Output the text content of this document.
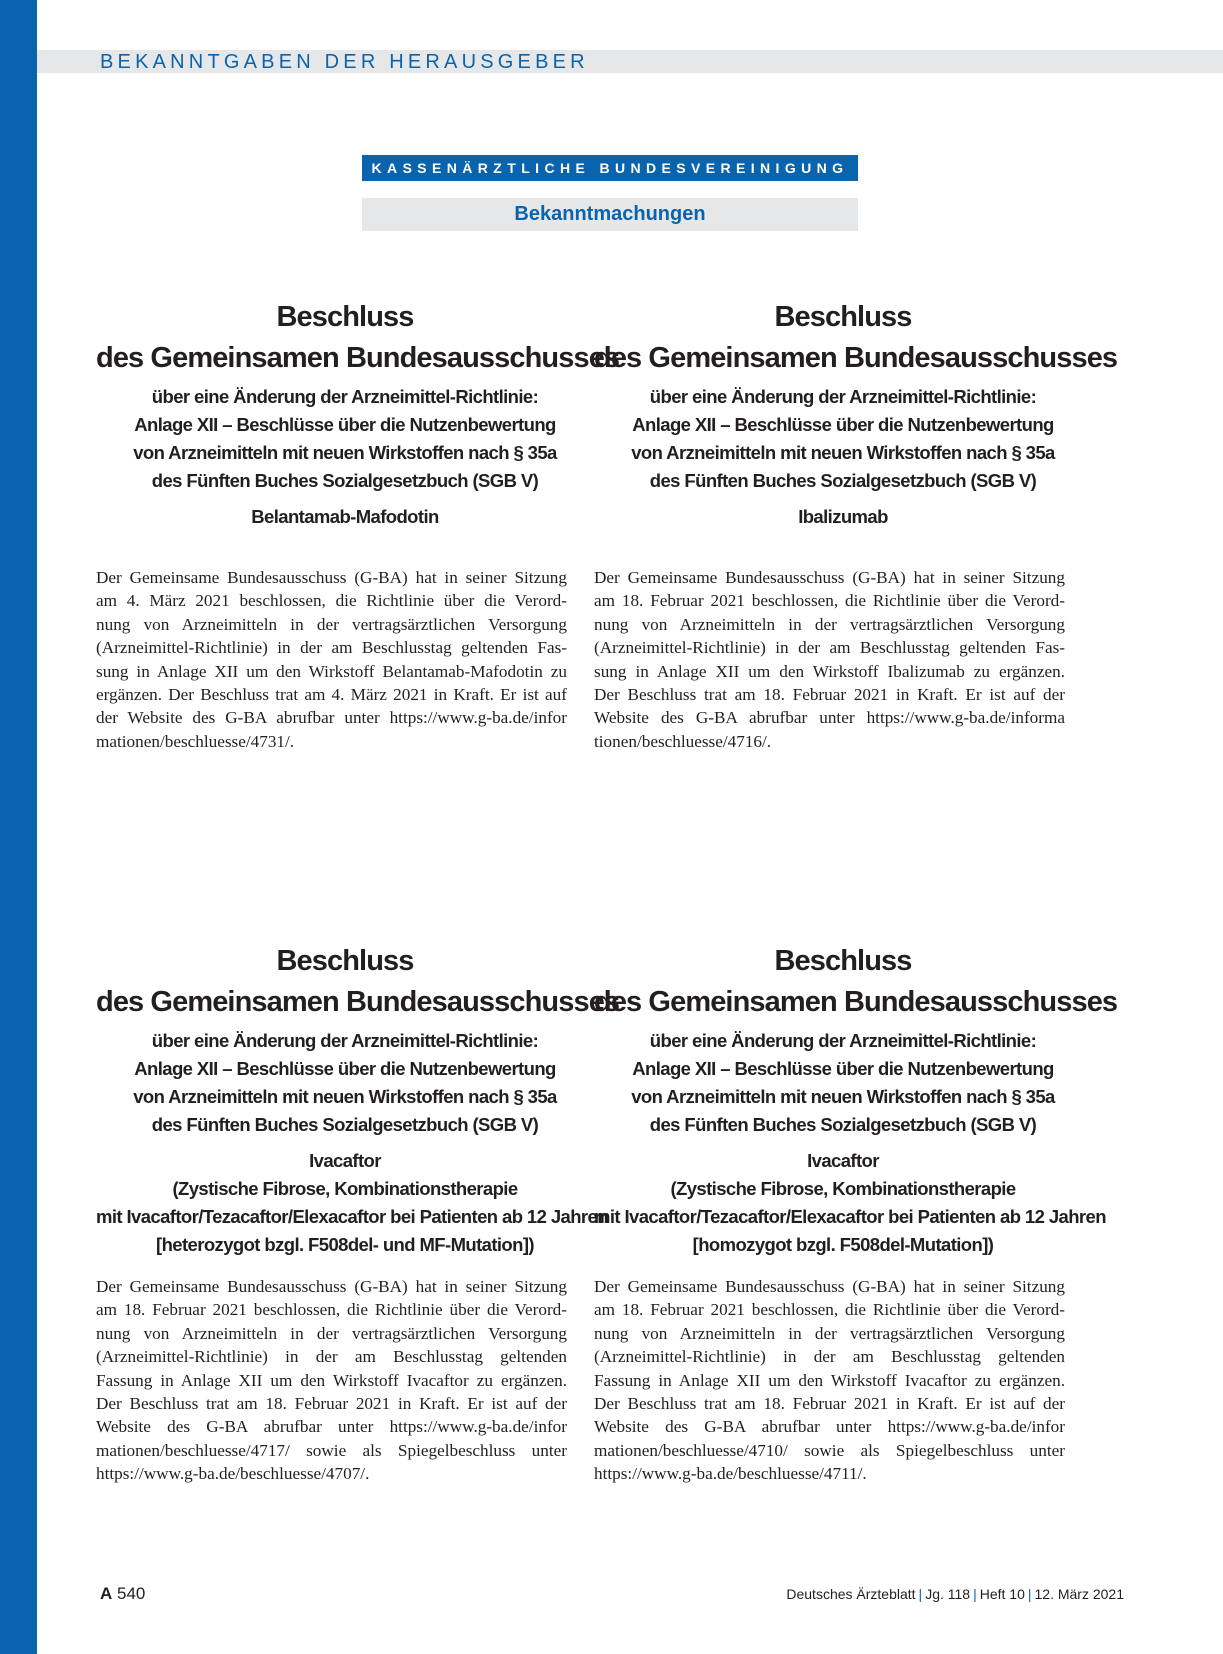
BEKANNTGABEN DER HERAUSGEBER
KASSENÄRZTLICHE BUNDESVEREINIGUNG
Bekanntmachungen
Beschluss
des Gemeinsamen Bundesausschusses
über eine Änderung der Arzneimittel-Richtlinie:
Anlage XII – Beschlüsse über die Nutzenbewertung
von Arzneimitteln mit neuen Wirkstoffen nach § 35a
des Fünften Buches Sozialgesetzbuch (SGB V)
Belantamab-Mafodotin
Der Gemeinsame Bundesausschuss (G-BA) hat in seiner Sitzung
am 4. März 2021 beschlossen, die Richtlinie über die Verord-
nung von Arzneimitteln in der vertragsärztlichen Versorgung
(Arzneimittel-Richtlinie) in der am Beschlusstag geltenden Fas-
sung in Anlage XII um den Wirkstoff Belantamab-Mafodotin zu
ergänzen. Der Beschluss trat am 4. März 2021 in Kraft. Er ist auf
der Website des G-BA abrufbar unter https://www.g-ba.de/infor
mationen/beschluesse/4731/.
Beschluss
des Gemeinsamen Bundesausschusses
über eine Änderung der Arzneimittel-Richtlinie:
Anlage XII – Beschlüsse über die Nutzenbewertung
von Arzneimitteln mit neuen Wirkstoffen nach § 35a
des Fünften Buches Sozialgesetzbuch (SGB V)
Ibalizumab
Der Gemeinsame Bundesausschuss (G-BA) hat in seiner Sitzung
am 18. Februar 2021 beschlossen, die Richtlinie über die Verord-
nung von Arzneimitteln in der vertragsärztlichen Versorgung
(Arzneimittel-Richtlinie) in der am Beschlusstag geltenden Fas-
sung in Anlage XII um den Wirkstoff Ibalizumab zu ergänzen.
Der Beschluss trat am 18. Februar 2021 in Kraft. Er ist auf der
Website des G-BA abrufbar unter https://www.g-ba.de/informa
tionen/beschluesse/4716/.
Beschluss
des Gemeinsamen Bundesausschusses
über eine Änderung der Arzneimittel-Richtlinie:
Anlage XII – Beschlüsse über die Nutzenbewertung
von Arzneimitteln mit neuen Wirkstoffen nach § 35a
des Fünften Buches Sozialgesetzbuch (SGB V)
Ivacaftor
(Zystische Fibrose, Kombinationstherapie
mit Ivacaftor/Tezacaftor/Elexacaftor bei Patienten ab 12 Jahren
[heterozygot bzgl. F508del- und MF-Mutation])
Der Gemeinsame Bundesausschuss (G-BA) hat in seiner Sitzung
am 18. Februar 2021 beschlossen, die Richtlinie über die Verord-
nung von Arzneimitteln in der vertragsärztlichen Versorgung
(Arzneimittel-Richtlinie) in der am Beschlusstag geltenden
Fassung in Anlage XII um den Wirkstoff Ivacaftor zu ergänzen.
Der Beschluss trat am 18. Februar 2021 in Kraft. Er ist auf der
Website des G-BA abrufbar unter https://www.g-ba.de/infor
mationen/beschluesse/4717/ sowie als Spiegelbeschluss unter
https://www.g-ba.de/beschluesse/4707/.
Beschluss
des Gemeinsamen Bundesausschusses
über eine Änderung der Arzneimittel-Richtlinie:
Anlage XII – Beschlüsse über die Nutzenbewertung
von Arzneimitteln mit neuen Wirkstoffen nach § 35a
des Fünften Buches Sozialgesetzbuch (SGB V)
Ivacaftor
(Zystische Fibrose, Kombinationstherapie
mit Ivacaftor/Tezacaftor/Elexacaftor bei Patienten ab 12 Jahren
[homozygot bzgl. F508del-Mutation])
Der Gemeinsame Bundesausschuss (G-BA) hat in seiner Sitzung
am 18. Februar 2021 beschlossen, die Richtlinie über die Verord-
nung von Arzneimitteln in der vertragsärztlichen Versorgung
(Arzneimittel-Richtlinie) in der am Beschlusstag geltenden
Fassung in Anlage XII um den Wirkstoff Ivacaftor zu ergänzen.
Der Beschluss trat am 18. Februar 2021 in Kraft. Er ist auf der
Website des G-BA abrufbar unter https://www.g-ba.de/infor
mationen/beschluesse/4710/ sowie als Spiegelbeschluss unter
https://www.g-ba.de/beschluesse/4711/.
A 540	Deutsches Ärzteblatt | Jg. 118 | Heft 10 | 12. März 2021
